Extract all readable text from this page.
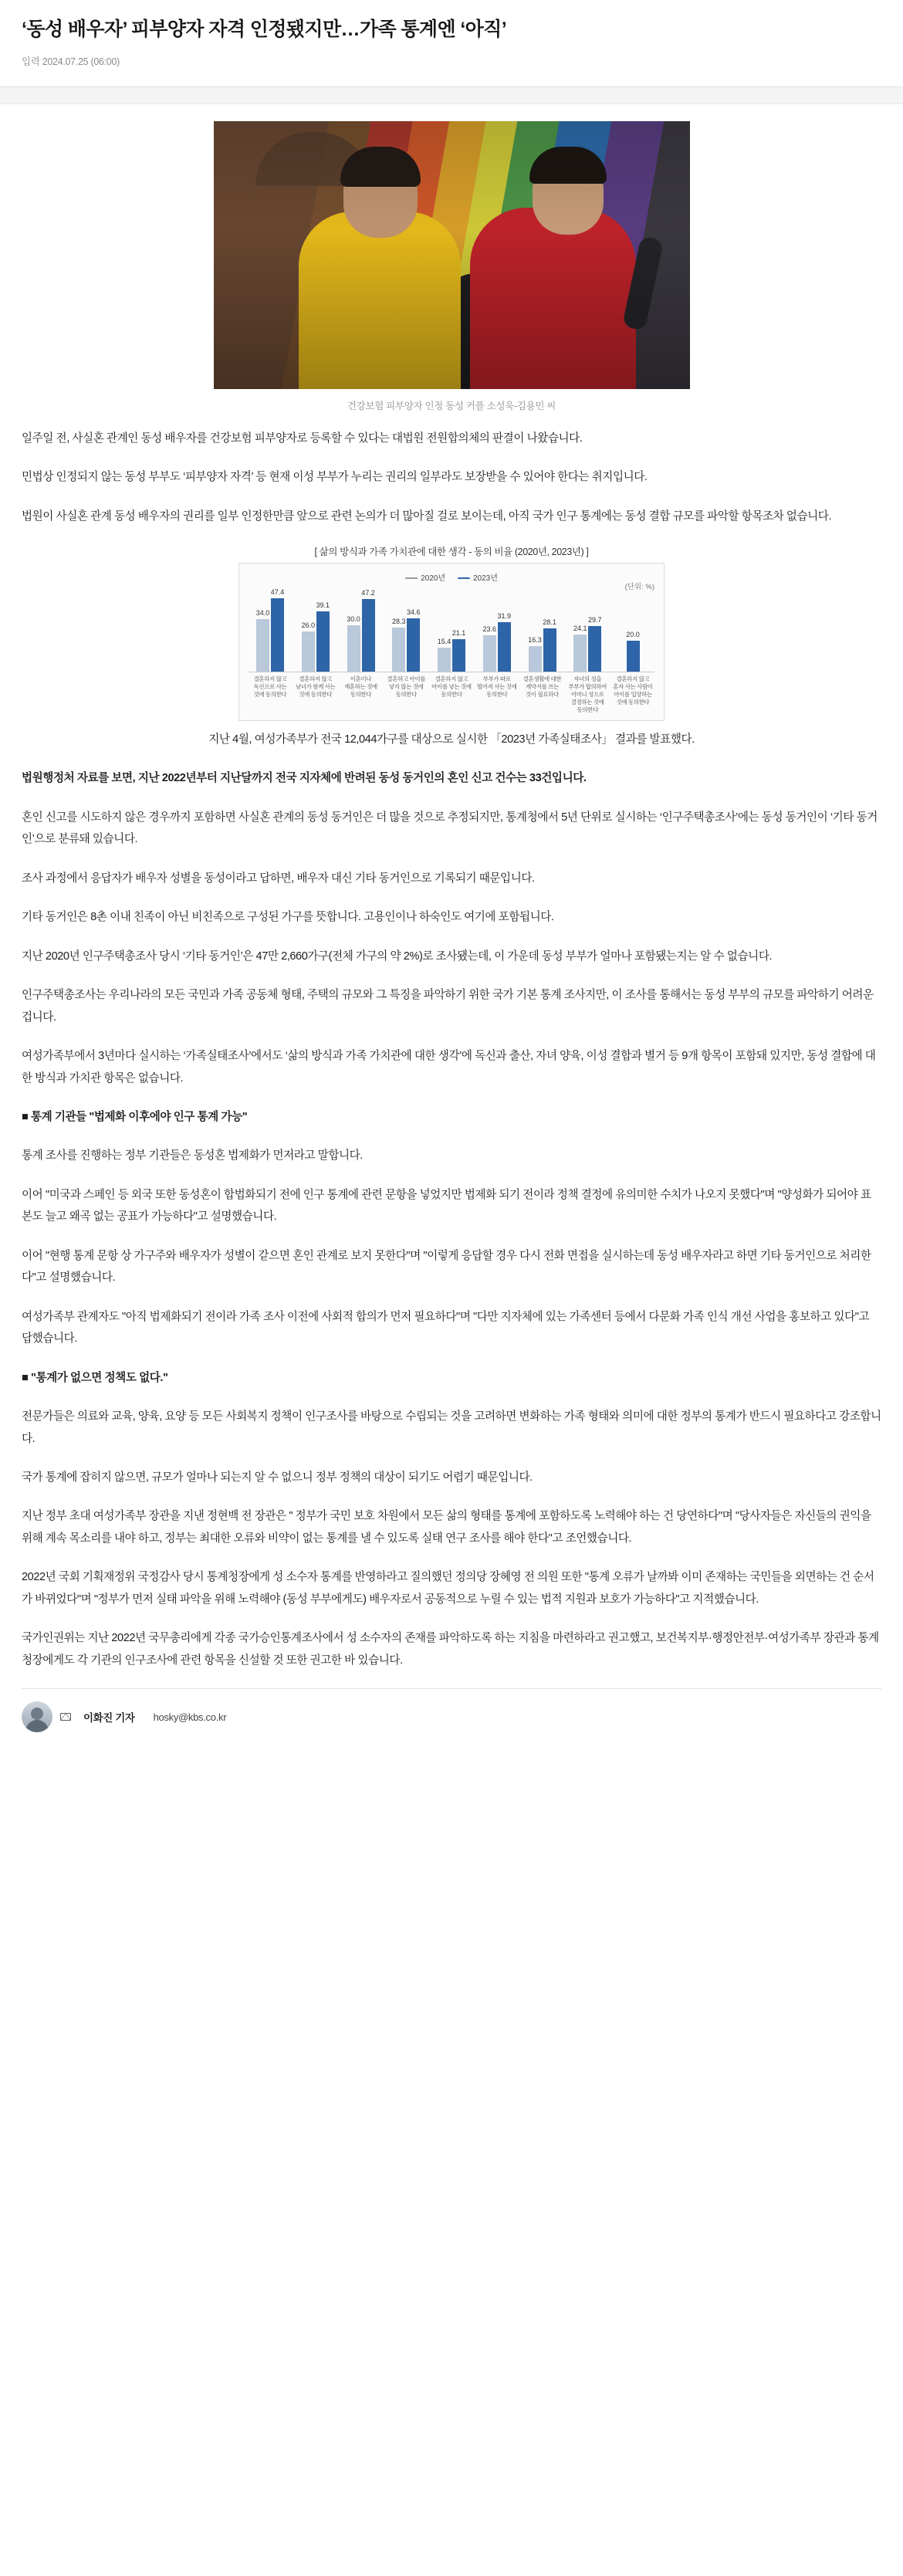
‘동성 배우자’ 피부양자 자격 인정됐지만…가족 통계엔 ‘아직’

입력 2024.07.25 (06:00)

건강보험 피부양자 인정 동성 커플 소성욱-김용민 씨

일주일 전, 사실혼 관계인 동성 배우자를 건강보험 피부양자로 등록할 수 있다는 대법원 전원합의체의 판결이 나왔습니다.

민법상 인정되지 않는 동성 부부도 ‘피부양자 자격’ 등 현재 이성 부부가 누리는 권리의 일부라도 보장받을 수 있어야 한다는 취지입니다.

법원이 사실혼 관계 동성 배우자의 권리를 일부 인정한만큼 앞으로 관련 논의가 더 많아질 걸로 보이는데, 아직 국가 인구 통계에는 동성 결합 규모를 파악할 항목조차 없습니다.

[ 삶의 방식과 가족 가치관에 대한 생각 - 동의 비율 (2020년, 2023년) ]
(단위: %)
2020년	2023년
34.0
47.4
26.0
39.1
30.0
47.2
28.3
34.6
15.4
21.1 23.6
31.9
16.3
28.1
24.1
29.7
20.0
결혼하지 않고 독신으로 사는 것에 동의한다
결혼하지 않고 남녀가 함께 사는 것에 동의한다
이혼이나 재혼하는 것에 동의한다
결혼하고 아이를 낳지 않는 것에 동의한다
결혼하지 않고 아이를 낳는 것에 동의한다
부부가 따로 떨어져 사는 것에 동의한다
결혼생활에 대한 계약서를 쓰는 것이 필요하다
자녀의 성을 부부가 합의하여 어머니 성으로 결정하는 것에 동의한다
결혼하지 않고 혼자 사는 사람이 아이를 입양하는 것에 동의한다

지난 4월, 여성가족부가 전국 12,044가구를 대상으로 실시한 「2023년 가족실태조사」 결과를 발표했다.

법원행정처 자료를 보면, 지난 2022년부터 지난달까지 전국 지자체에 반려된 동성 동거인의 혼인 신고 건수는 33건입니다.

혼인 신고를 시도하지 않은 경우까지 포함하면 사실혼 관계의 동성 동거인은 더 많을 것으로 추정되지만, 통계청에서 5년 단위로 실시하는 ‘인구주택총조사’에는 동성 동거인이 ‘기타 동거인’으로 분류돼 있습니다.

조사 과정에서 응답자가 배우자 성별을 동성이라고 답하면, 배우자 대신 기타 동거인으로 기록되기 때문입니다.

기타 동거인은 8촌 이내 친족이 아닌 비친족으로 구성된 가구를 뜻합니다. 고용인이나 하숙인도 여기에 포함됩니다.

지난 2020년 인구주택총조사 당시 ‘기타 동거인’은 47만 2,660가구(전체 가구의 약 2%)로 조사됐는데, 이 가운데 동성 부부가 얼마나 포함됐는지는 알 수 없습니다.

인구주택총조사는 우리나라의 모든 국민과 가족 공동체 형태, 주택의 규모와 그 특징을 파악하기 위한 국가 기본 통계 조사지만, 이 조사를 통해서는 동성 부부의 규모를 파악하기 어려운 겁니다.

여성가족부에서 3년마다 실시하는 ‘가족실태조사’에서도 ‘삶의 방식과 가족 가치관에 대한 생각’에 독신과 출산, 자녀 양육, 이성 결합과 별거 등 9개 항목이 포함돼 있지만, 동성 결합에 대한 방식과 가치관 항목은 없습니다.

■ 통계 기관들 "법제화 이후에야 인구 통계 가능"

통계 조사를 진행하는 정부 기관들은 동성혼 법제화가 먼저라고 말합니다.

이어 "미국과 스페인 등 외국 또한 동성혼이 합법화되기 전에 인구 통계에 관련 문항을 넣었지만 법제화 되기 전이라 정책 결정에 유의미한 수치가 나오지 못했다"며 "양성화가 되어야 표본도 늘고 왜곡 없는 공표가 가능하다"고 설명했습니다.

이어 "현행 통계 문항 상 가구주와 배우자가 성별이 같으면 혼인 관계로 보지 못한다"며 "이렇게 응답할 경우 다시 전화 면접을 실시하는데 동성 배우자라고 하면 기타 동거인으로 처리한다"고 설명했습니다.

여성가족부 관계자도 "아직 법제화되기 전이라 가족 조사 이전에 사회적 합의가 먼저 필요하다"며 "다만 지자체에 있는 가족센터 등에서 다문화 가족 인식 개선 사업을 홍보하고 있다"고 답했습니다.

■ "통계가 없으면 정책도 없다."

전문가들은 의료와 교육, 양육, 요양 등 모든 사회복지 정책이 인구조사를 바탕으로 수립되는 것을 고려하면 변화하는 가족 형태와 의미에 대한 정부의 통계가 반드시 필요하다고 강조합니다.

국가 통계에 잡히지 않으면, 규모가 얼마나 되는지 알 수 없으니 정부 정책의 대상이 되기도 어렵기 때문입니다.

지난 정부 초대 여성가족부 장관을 지낸 정현백 전 장관은 " 정부가 국민 보호 차원에서 모든 삶의 형태를 통계에 포함하도록 노력해야 하는 건 당연하다"며 "당사자들은 자신들의 권익을 위해 계속 목소리를 내야 하고, 정부는 최대한 오류와 비약이 없는 통계를 낼 수 있도록 실태 연구 조사를 해야 한다"고 조언했습니다.

2022년 국회 기획재정위 국정감사 당시 통계청장에게 성 소수자 통계를 반영하라고 질의했던 정의당 장혜영 전 의원 또한 "통계 오류가 날까봐 이미 존재하는 국민들을 외면하는 건 순서가 바뀌었다"며 "정부가 먼저 실태 파악을 위해 노력해야 (동성 부부에게도) 배우자로서 공동적으로 누릴 수 있는 법적 지원과 보호가 가능하다"고 지적했습니다.

국가인권위는 지난 2022년 국무총리에게 각종 국가승인통계조사에서 성 소수자의 존재를 파악하도록 하는 지침을 마련하라고 권고했고, 보건복지부·행정안전부·여성가족부 장관과 통계청장에게도 각 기관의 인구조사에 관련 항목을 신설할 것 또한 권고한 바 있습니다.

이화진 기자 hosky@kbs.co.kr
